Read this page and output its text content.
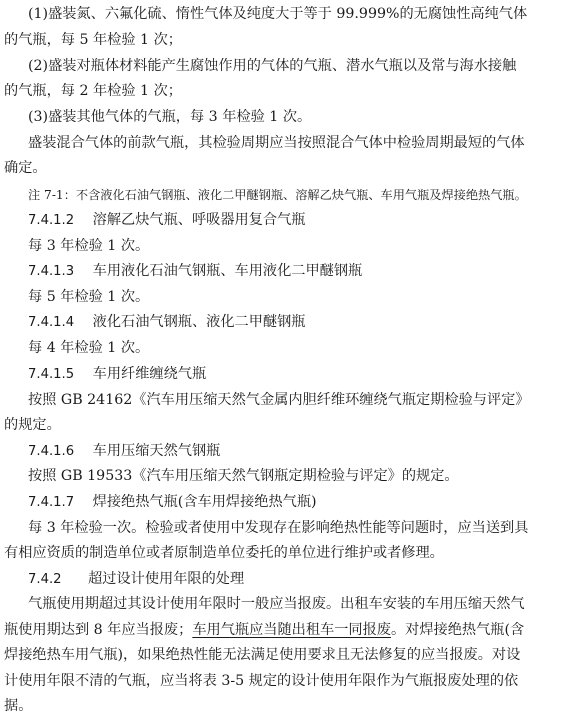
(1)盛装氮、六氟化硫、惰性气体及纯度大于等于 99.999%的无腐蚀性高纯气体
的气瓶，每 5 年检验 1 次；
(2)盛装对瓶体材料能产生腐蚀作用的气体的气瓶、潜水气瓶以及常与海水接触
的气瓶，每 2 年检验 1 次；
(3)盛装其他气体的气瓶，每 3 年检验 1 次。
盛装混合气体的前款气瓶，其检验周期应当按照混合气体中检验周期最短的气体
确定。
注 7-1：不含液化石油气钢瓶、液化二甲醚钢瓶、溶解乙炔气瓶、车用气瓶及焊接绝热气瓶。
7.4.1.2 溶解乙炔气瓶、呼吸器用复合气瓶
每 3 年检验 1 次。
7.4.1.3 车用液化石油气钢瓶、车用液化二甲醚钢瓶
每 5 年检验 1 次。
7.4.1.4 液化石油气钢瓶、液化二甲醚钢瓶
每 4 年检验 1 次。
7.4.1.5 车用纤维缠绕气瓶
按照 GB 24162《汽车用压缩天然气金属内胆纤维环缠绕气瓶定期检验与评定》
的规定。
7.4.1.6 车用压缩天然气钢瓶
按照 GB 19533《汽车用压缩天然气钢瓶定期检验与评定》的规定。
7.4.1.7 焊接绝热气瓶(含车用焊接绝热气瓶)
每 3 年检验一次。检验或者使用中发现存在影响绝热性能等问题时，应当送到具
有相应资质的制造单位或者原制造单位委托的单位进行维护或者修理。
7.4.2 超过设计使用年限的处理
气瓶使用期超过其设计使用年限时一般应当报废。出租车安装的车用压缩天然气
瓶使用期达到 8 年应当报废；车用气瓶应当随出租车一同报废。对焊接绝热气瓶(含
焊接绝热车用气瓶)，如果绝热性能无法满足使用要求且无法修复的应当报废。对设
计使用年限不清的气瓶，应当将表 3-5 规定的设计使用年限作为气瓶报废处理的依
据。
